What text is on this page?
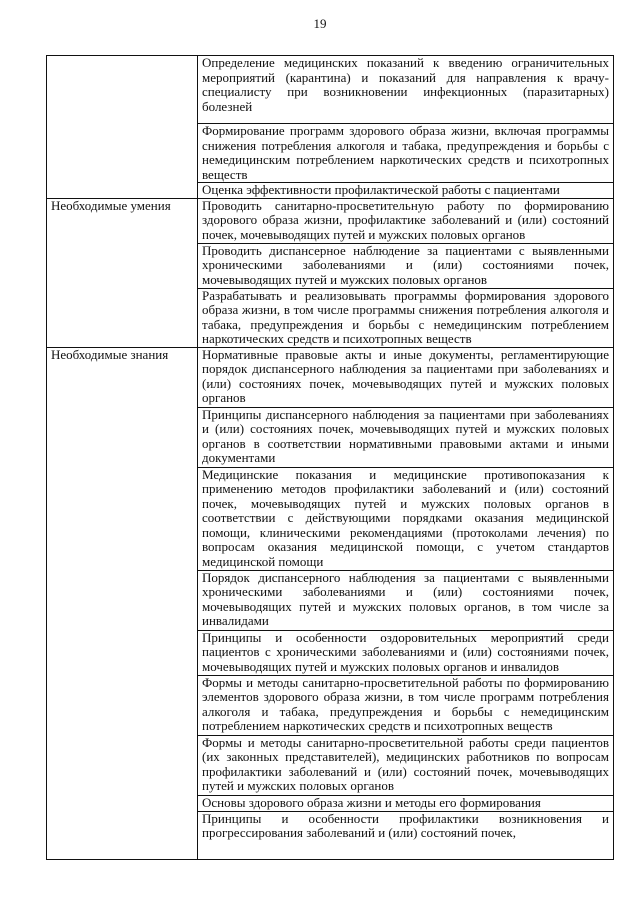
19
	Определение медицинских показаний к введению ограничительных мероприятий (карантина) и показаний для направления к врачу-специалисту при возникновении инфекционных (паразитарных) болезней
	Формирование программ здорового образа жизни, включая программы снижения потребления алкоголя и табака, предупреждения и борьбы с немедицинским потреблением наркотических средств и психотропных веществ
	Оценка эффективности профилактической работы с пациентами
Необходимые умения	Проводить санитарно-просветительную работу по формированию здорового образа жизни, профилактике заболеваний и (или) состояний почек, мочевыводящих путей и мужских половых органов
	Проводить диспансерное наблюдение за пациентами с выявленными хроническими заболеваниями и (или) состояниями почек, мочевыводящих путей и мужских половых органов
	Разрабатывать и реализовывать программы формирования здорового образа жизни, в том числе программы снижения потребления алкоголя и табака, предупреждения и борьбы с немедицинским потреблением наркотических средств и психотропных веществ
Необходимые знания	Нормативные правовые акты и иные документы, регламентирующие порядок диспансерного наблюдения за пациентами при заболеваниях и (или) состояниях почек, мочевыводящих путей и мужских половых органов
	Принципы диспансерного наблюдения за пациентами при заболеваниях и (или) состояниях почек, мочевыводящих путей и мужских половых органов в соответствии нормативными правовыми актами и иными документами
	Медицинские показания и медицинские противопоказания к применению методов профилактики заболеваний и (или) состояний почек, мочевыводящих путей и мужских половых органов в соответствии с действующими порядками оказания медицинской помощи, клиническими рекомендациями (протоколами лечения) по вопросам оказания медицинской помощи, с учетом стандартов медицинской помощи
	Порядок диспансерного наблюдения за пациентами с выявленными хроническими заболеваниями и (или) состояниями почек, мочевыводящих путей и мужских половых органов, в том числе за инвалидами
	Принципы и особенности оздоровительных мероприятий среди пациентов с хроническими заболеваниями и (или) состояниями почек, мочевыводящих путей и мужских половых органов и инвалидов
	Формы и методы санитарно-просветительной работы по формированию элементов здорового образа жизни, в том числе программ потребления алкоголя и табака, предупреждения и борьбы с немедицинским потреблением наркотических средств и психотропных веществ
	Формы и методы санитарно-просветительной работы среди пациентов (их законных представителей), медицинских работников по вопросам профилактики заболеваний и (или) состояний почек, мочевыводящих путей и мужских половых органов
	Основы здорового образа жизни и методы его формирования
	Принципы и особенности профилактики возникновения и прогрессирования заболеваний и (или) состояний почек,
